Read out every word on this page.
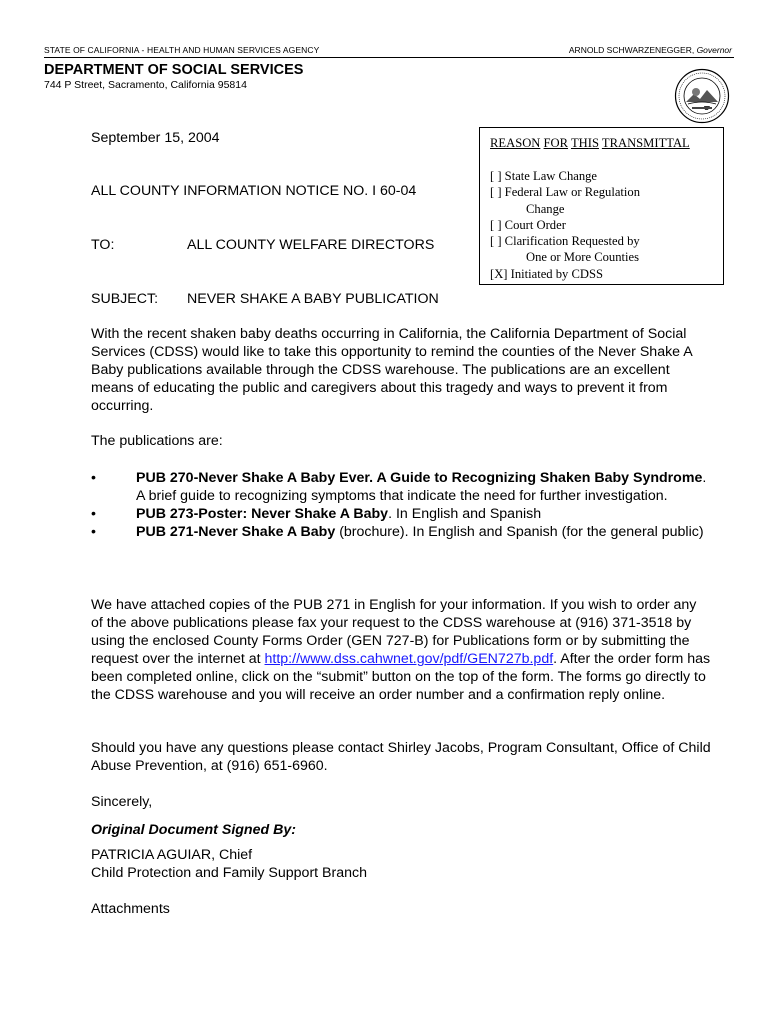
STATE OF CALIFORNIA - HEALTH AND HUMAN SERVICES AGENCY	ARNOLD SCHWARZENEGGER, Governor
DEPARTMENT OF SOCIAL SERVICES
744 P Street, Sacramento, California 95814
September 15, 2004
ALL COUNTY INFORMATION NOTICE NO. I 60-04
TO:	ALL COUNTY WELFARE DIRECTORS
SUBJECT: NEVER SHAKE A BABY PUBLICATION
REASON FOR THIS TRANSMITTAL
[ ] State Law Change
[ ] Federal Law or Regulation
Change
[ ] Court Order
[ ] Clarification Requested by
One or More Counties
[X] Initiated by CDSS
With the recent shaken baby deaths occurring in California, the California Department of Social Services (CDSS) would like to take this opportunity to remind the counties of the Never Shake A Baby publications available through the CDSS warehouse. The publications are an excellent means of educating the public and caregivers about this tragedy and ways to prevent it from occurring.
The publications are:
•	PUB 270-Never Shake A Baby Ever. A Guide to Recognizing Shaken Baby Syndrome. A brief guide to recognizing symptoms that indicate the need for further investigation.
•	PUB 273-Poster: Never Shake A Baby. In English and Spanish
•	PUB 271-Never Shake A Baby (brochure). In English and Spanish (for the general public)
We have attached copies of the PUB 271 in English for your information. If you wish to order any of the above publications please fax your request to the CDSS warehouse at (916) 371-3518 by using the enclosed County Forms Order (GEN 727-B) for Publications form or by submitting the request over the internet at http://www.dss.cahwnet.gov/pdf/GEN727b.pdf. After the order form has been completed online, click on the “submit” button on the top of the form. The forms go directly to the CDSS warehouse and you will receive an order number and a confirmation reply online.
Should you have any questions please contact Shirley Jacobs, Program Consultant, Office of Child Abuse Prevention, at (916) 651-6960.
Sincerely,
Original Document Signed By:
PATRICIA AGUIAR, Chief
Child Protection and Family Support Branch
Attachments
